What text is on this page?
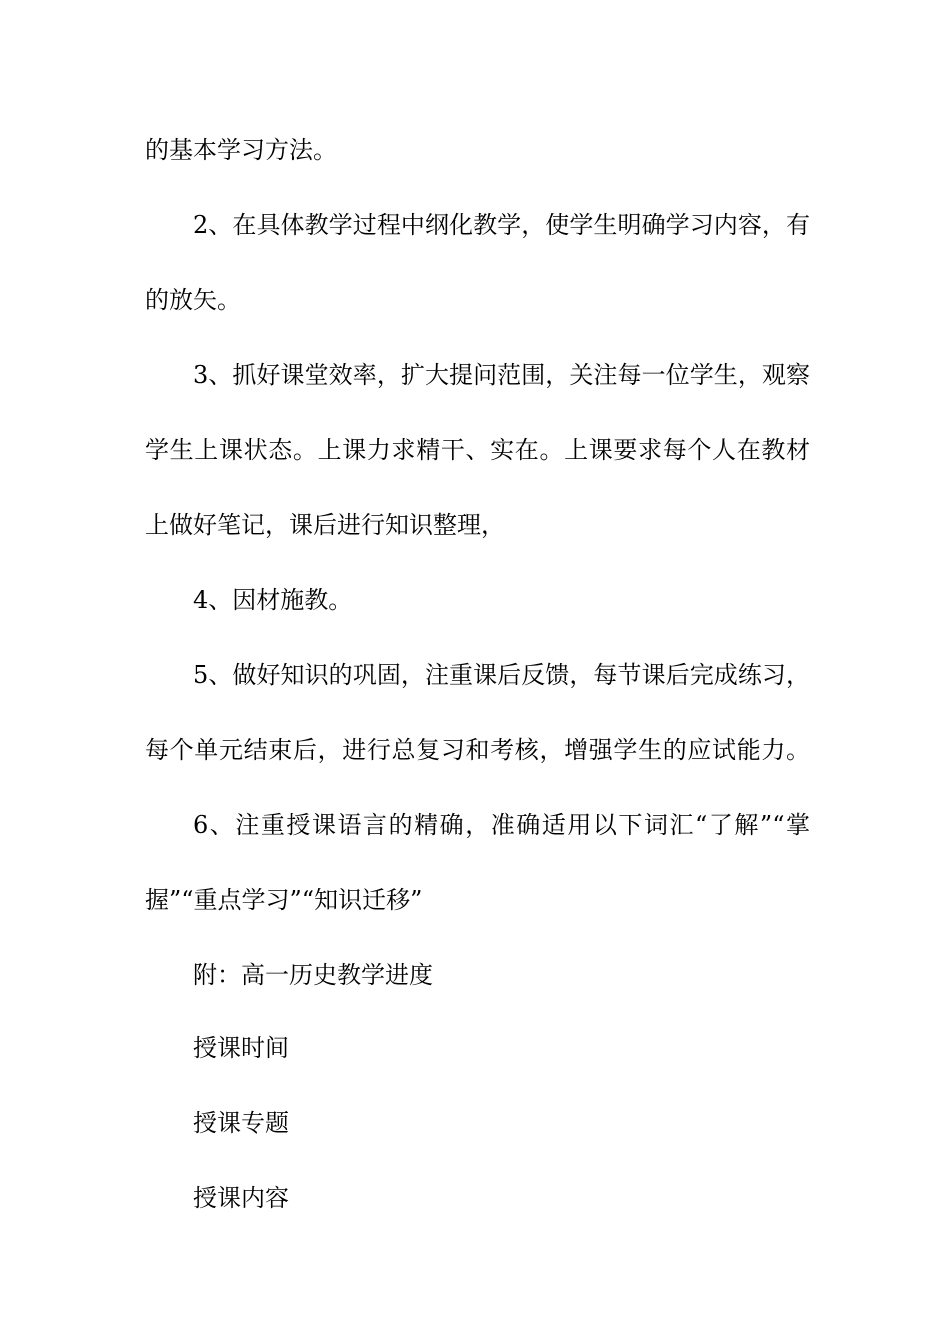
的基本学习方法。
2、在具体教学过程中纲化教学，使学生明确学习内容，有
的放矢。
3、抓好课堂效率，扩大提问范围，关注每一位学生，观察
学生上课状态。上课力求精干、实在。上课要求每个人在教材
上做好笔记，课后进行知识整理，
4、因材施教。
5、做好知识的巩固，注重课后反馈，每节课后完成练习，
每个单元结束后，进行总复习和考核，增强学生的应试能力。
6、注重授课语言的精确，准确适用以下词汇“了解”“掌
握”“重点学习”“知识迁移”
附：高一历史教学进度
授课时间
授课专题
授课内容
